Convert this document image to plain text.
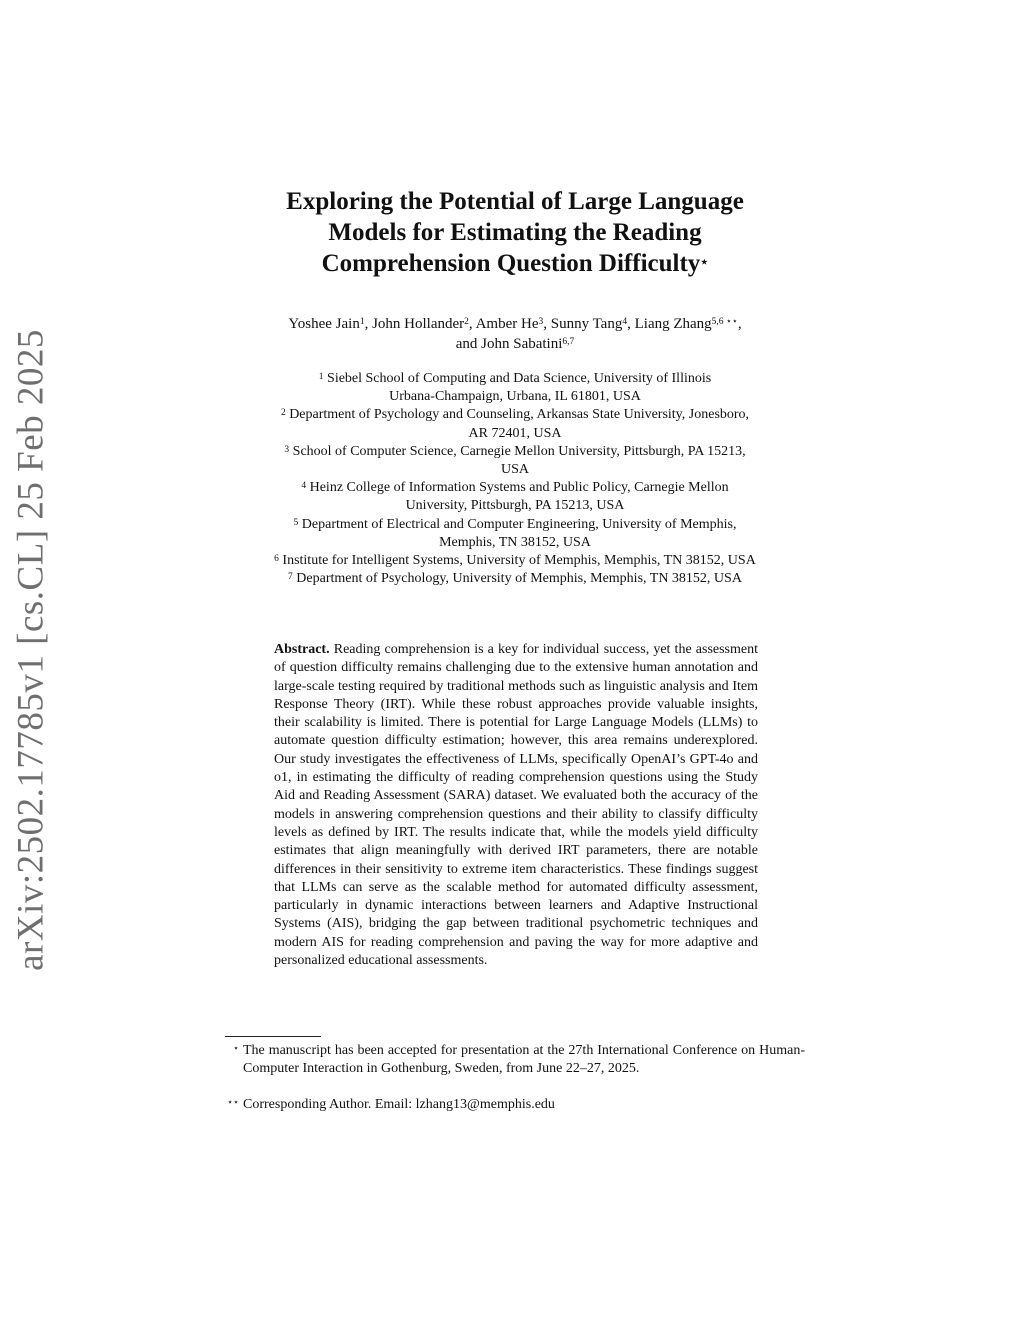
arXiv:2502.17785v1 [cs.CL] 25 Feb 2025
Exploring the Potential of Large Language
Models for Estimating the Reading
Comprehension Question Difficulty⋆
Yoshee Jain$^1$, John Hollander$^2$, Amber He$^3$, Sunny Tang$^4$, Liang Zhang$^{5,6 ⋆⋆}$,
and John Sabatini$^{6,7}$
$^1$ Siebel School of Computing and Data Science, University of Illinois
Urbana-Champaign, Urbana, IL 61801, USA
$^2$ Department of Psychology and Counseling, Arkansas State University, Jonesboro,
AR 72401, USA
$^3$ School of Computer Science, Carnegie Mellon University, Pittsburgh, PA 15213,
USA
$^4$ Heinz College of Information Systems and Public Policy, Carnegie Mellon
University, Pittsburgh, PA 15213, USA
$^5$ Department of Electrical and Computer Engineering, University of Memphis,
Memphis, TN 38152, USA
$^6$ Institute for Intelligent Systems, University of Memphis, Memphis, TN 38152, USA
$^7$ Department of Psychology, University of Memphis, Memphis, TN 38152, USA
Abstract. Reading comprehension is a key for individual success, yet the assessment of question difficulty remains challenging due to the extensive human annotation and large-scale testing required by traditional methods such as linguistic analysis and Item Response Theory (IRT). While these robust approaches provide valuable insights, their scalability is limited. There is potential for Large Language Models (LLMs) to automate question difficulty estimation; however, this area remains underexplored. Our study investigates the effectiveness of LLMs, specifically OpenAI’s GPT-4o and o1, in estimating the difficulty of reading comprehension questions using the Study Aid and Reading Assessment (SARA) dataset. We evaluated both the accuracy of the models in answering comprehension questions and their ability to classify difficulty levels as defined by IRT. The results indicate that, while the models yield difficulty estimates that align meaningfully with derived IRT parameters, there are notable differences in their sensitivity to extreme item characteristics. These findings suggest that LLMs can serve as the scalable method for automated difficulty assessment, particularly in dynamic interactions between learners and Adaptive Instructional Systems (AIS), bridging the gap between traditional psychometric techniques and modern AIS for reading comprehension and paving the way for more adaptive and personalized educational assessments.
⋆ The manuscript has been accepted for presentation at the 27th International Conference on Human-Computer Interaction in Gothenburg, Sweden, from June 22–27, 2025.
⋆⋆ Corresponding Author. Email: lzhang13@memphis.edu
